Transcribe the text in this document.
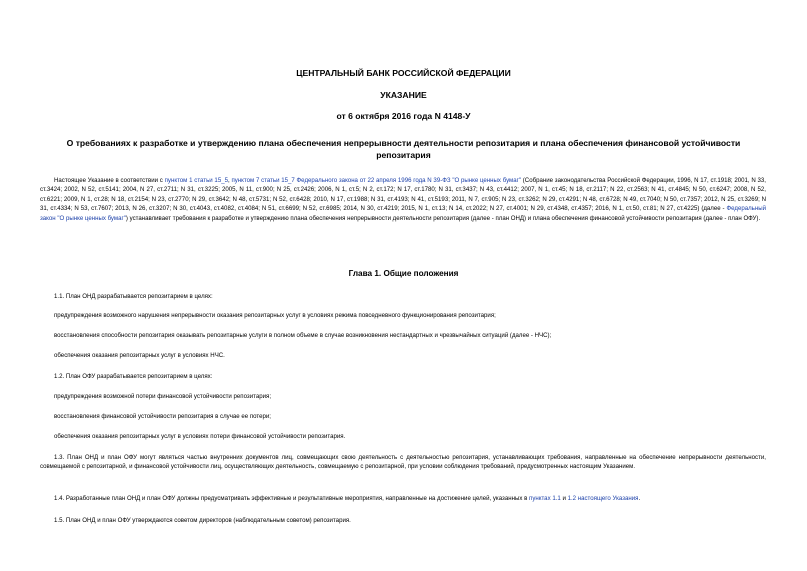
ЦЕНТРАЛЬНЫЙ БАНК РОССИЙСКОЙ ФЕДЕРАЦИИ
УКАЗАНИЕ
от 6 октября 2016 года N 4148-У
О требованиях к разработке и утверждению плана обеспечения непрерывности деятельности репозитария и плана обеспечения финансовой устойчивости репозитария
Настоящее Указание в соответствии с пунктом 1 статьи 15_5, пунктом 7 статьи 15_7 Федерального закона от 22 апреля 1996 года N 39-ФЗ "О рынке ценных бумаг" (Собрание законодательства Российской Федерации, 1996, N 17, ст.1918; 2001, N 33, ст.3424; 2002, N 52, ст.5141; 2004, N 27, ст.2711; N 31, ст.3225; 2005, N 11, ст.900; N 25, ст.2426; 2006, N 1, ст.5; N 2, ст.172; N 17, ст.1780; N 31, ст.3437; N 43, ст.4412; 2007, N 1, ст.45; N 18, ст.2117; N 22, ст.2563; N 41, ст.4845; N 50, ст.6247; 2008, N 52, ст.6221; 2009, N 1, ст.28; N 18, ст.2154; N 23, ст.2770; N 29, ст.3642; N 48, ст.5731; N 52, ст.6428; 2010, N 17, ст.1988; N 31, ст.4193; N 41, ст.5193; 2011, N 7, ст.905; N 23, ст.3262; N 29, ст.4291; N 48, ст.6728; N 49, ст.7040; N 50, ст.7357; 2012, N 25, ст.3269; N 31, ст.4334; N 53, ст.7607; 2013, N 26, ст.3207; N 30, ст.4043, ст.4082, ст.4084; N 51, ст.6699; N 52, ст.6985; 2014, N 30, ст.4219; 2015, N 1, ст.13; N 14, ст.2022; N 27, ст.4001; N 29, ст.4348, ст.4357; 2016, N 1, ст.50, ст.81; N 27, ст.4225) (далее - Федеральный закон "О рынке ценных бумаг") устанавливает требования к разработке и утверждению плана обеспечения непрерывности деятельности репозитария (далее - план ОНД) и плана обеспечения финансовой устойчивости репозитария (далее - план ОФУ).
Глава 1. Общие положения
1.1. План ОНД разрабатывается репозитарием в целях:
предупреждения возможного нарушения непрерывности оказания репозитарных услуг в условиях режима повседневного функционирования репозитария;
восстановления способности репозитария оказывать репозитарные услуги в полном объеме в случае возникновения нестандартных и чрезвычайных ситуаций (далее - НЧС);
обеспечения оказания репозитарных услуг в условиях НЧС.
1.2. План ОФУ разрабатывается репозитарием в целях:
предупреждения возможной потери финансовой устойчивости репозитария;
восстановления финансовой устойчивости репозитария в случае ее потери;
обеспечения оказания репозитарных услуг в условиях потери финансовой устойчивости репозитария.
1.3. План ОНД и план ОФУ могут являться частью внутренних документов лиц, совмещающих свою деятельность с деятельностью репозитария, устанавливающих требования, направленные на обеспечение непрерывности деятельности, совмещаемой с репозитарной, и финансовой устойчивости лиц, осуществляющих деятельность, совмещаемую с репозитарной, при условии соблюдения требований, предусмотренных настоящим Указанием.
1.4. Разработанные план ОНД и план ОФУ должны предусматривать эффективные и результативные мероприятия, направленные на достижение целей, указанных в пунктах 1.1 и 1.2 настоящего Указания.
1.5. План ОНД и план ОФУ утверждаются советом директоров (наблюдательным советом) репозитария.
